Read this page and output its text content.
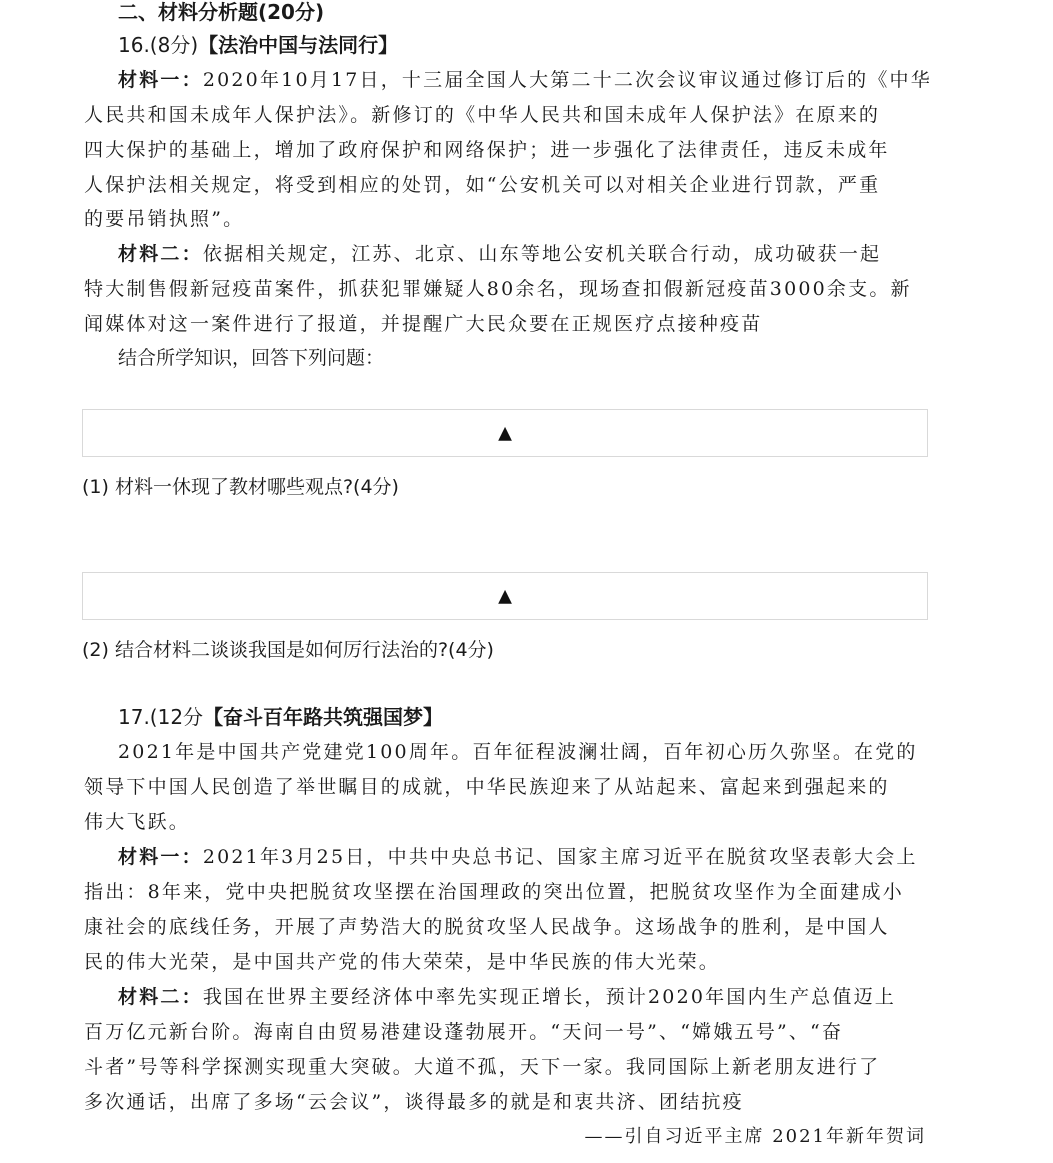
二、材料分析题(20分)
16.(8分)【法治中国与法同行】
材料一：2020年10月17日，十三届全国人大第二十二次会议审议通过修订后的《中华
人民共和国未成年人保护法》。新修订的《中华人民共和国未成年人保护法》在原来的
四大保护的基础上，增加了政府保护和网络保护；进一步强化了法律责任，违反未成年
人保护法相关规定，将受到相应的处罚，如“公安机关可以对相关企业进行罚款，严重
的要吊销执照”。
材料二：依据相关规定，江苏、北京、山东等地公安机关联合行动，成功破获一起
特大制售假新冠疫苗案件，抓获犯罪嫌疑人80余名，现场查扣假新冠疫苗3000余支。新
闻媒体对这一案件进行了报道，并提醒广大民众要在正规医疗点接种疫苗
结合所学知识，回答下列问题：
▲
(1) 材料一休现了教材哪些观点?(4分)
▲
(2) 结合材料二谈谈我国是如何厉行法治的?(4分)
17.(12分【奋斗百年路共筑强国梦】
2021年是中国共产党建党100周年。百年征程波澜壮阔，百年初心历久弥坚。在党的
领导下中国人民创造了举世瞩目的成就，中华民族迎来了从站起来、富起来到强起来的
伟大飞跃。
材料一：2021年3月25日，中共中央总书记、国家主席习近平在脱贫攻坚表彰大会上
指出：8年来，党中央把脱贫攻坚摆在治国理政的突出位置，把脱贫攻坚作为全面建成小
康社会的底线任务，开展了声势浩大的脱贫攻坚人民战争。这场战争的胜利，是中国人
民的伟大光荣，是中国共产党的伟大荣荣，是中华民族的伟大光荣。
材料二：我国在世界主要经济体中率先实现正增长，预计2020年国内生产总值迈上
百万亿元新台阶。海南自由贸易港建设蓬勃展开。“天问一号”、“嫦娥五号”、“奋
斗者”号等科学探测实现重大突破。大道不孤，天下一家。我同国际上新老朋友进行了
多次通话，出席了多场“云会议”，谈得最多的就是和衷共济、团结抗疫
——引自习近平主席 2021年新年贺词
